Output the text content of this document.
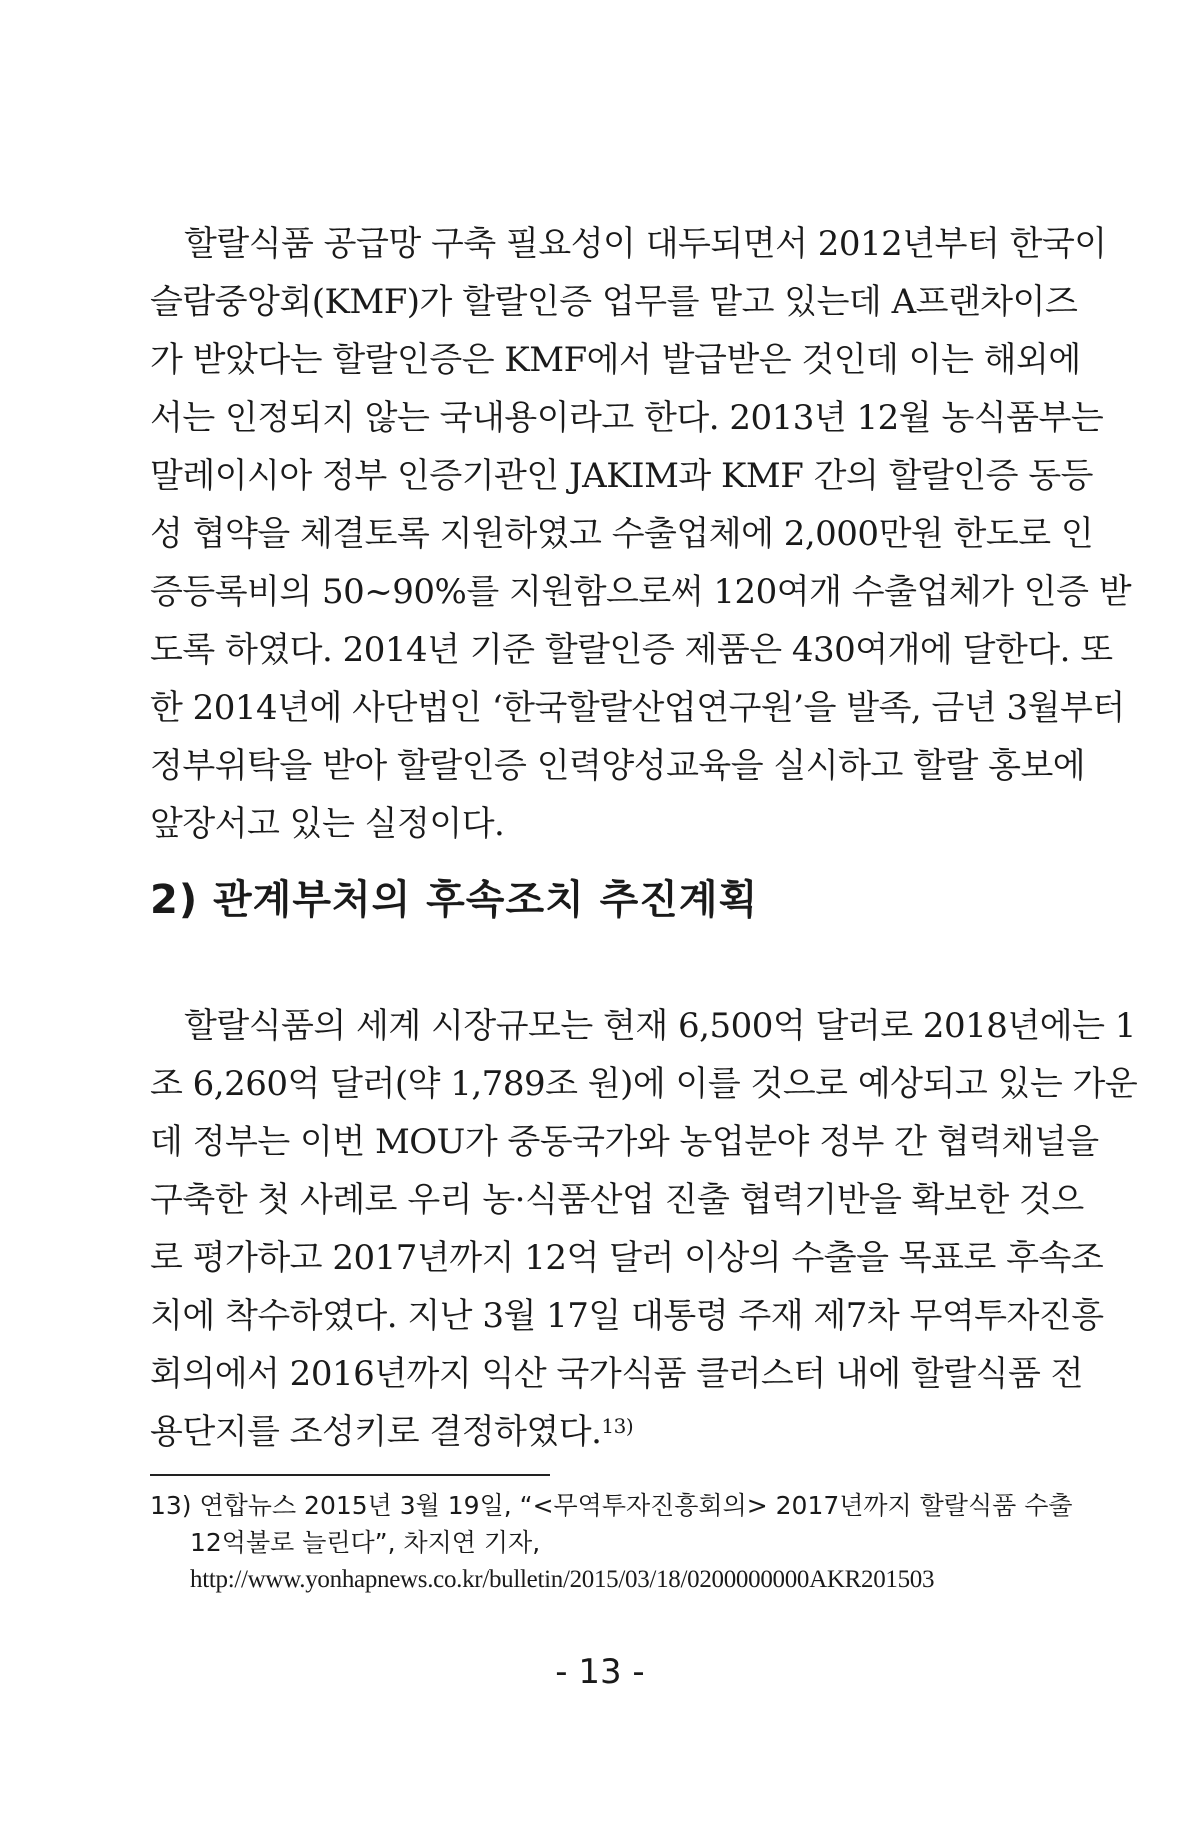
할랄식품 공급망 구축 필요성이 대두되면서 2012년부터 한국이
슬람중앙회(KMF)가 할랄인증 업무를 맡고 있는데 A프랜차이즈
가 받았다는 할랄인증은 KMF에서 발급받은 것인데 이는 해외에
서는 인정되지 않는 국내용이라고 한다. 2013년 12월 농식품부는
말레이시아 정부 인증기관인 JAKIM과 KMF 간의 할랄인증 동등
성 협약을 체결토록 지원하였고 수출업체에 2,000만원 한도로 인
증등록비의 50~90%를 지원함으로써 120여개 수출업체가 인증 받
도록 하였다. 2014년 기준 할랄인증 제품은 430여개에 달한다. 또
한 2014년에 사단법인 ‘한국할랄산업연구원’을 발족, 금년 3월부터
정부위탁을 받아 할랄인증 인력양성교육을 실시하고 할랄 홍보에
앞장서고 있는 실정이다.
2) 관계부처의 후속조치 추진계획
할랄식품의 세계 시장규모는 현재 6,500억 달러로 2018년에는 1
조 6,260억 달러(약 1,789조 원)에 이를 것으로 예상되고 있는 가운
데 정부는 이번 MOU가 중동국가와 농업분야 정부 간 협력채널을
구축한 첫 사례로 우리 농·식품산업 진출 협력기반을 확보한 것으
로 평가하고 2017년까지 12억 달러 이상의 수출을 목표로 후속조
치에 착수하였다. 지난 3월 17일 대통령 주재 제7차 무역투자진흥
회의에서 2016년까지 익산 국가식품 클러스터 내에 할랄식품 전
용단지를 조성키로 결정하였다.$^{13)}$
13) 연합뉴스 2015년 3월 19일, “<무역투자진흥회의> 2017년까지 할랄식품 수출
12억불로 늘린다”, 차지연 기자,
http://www.yonhapnews.co.kr/bulletin/2015/03/18/0200000000AKR201503
- 13 -
